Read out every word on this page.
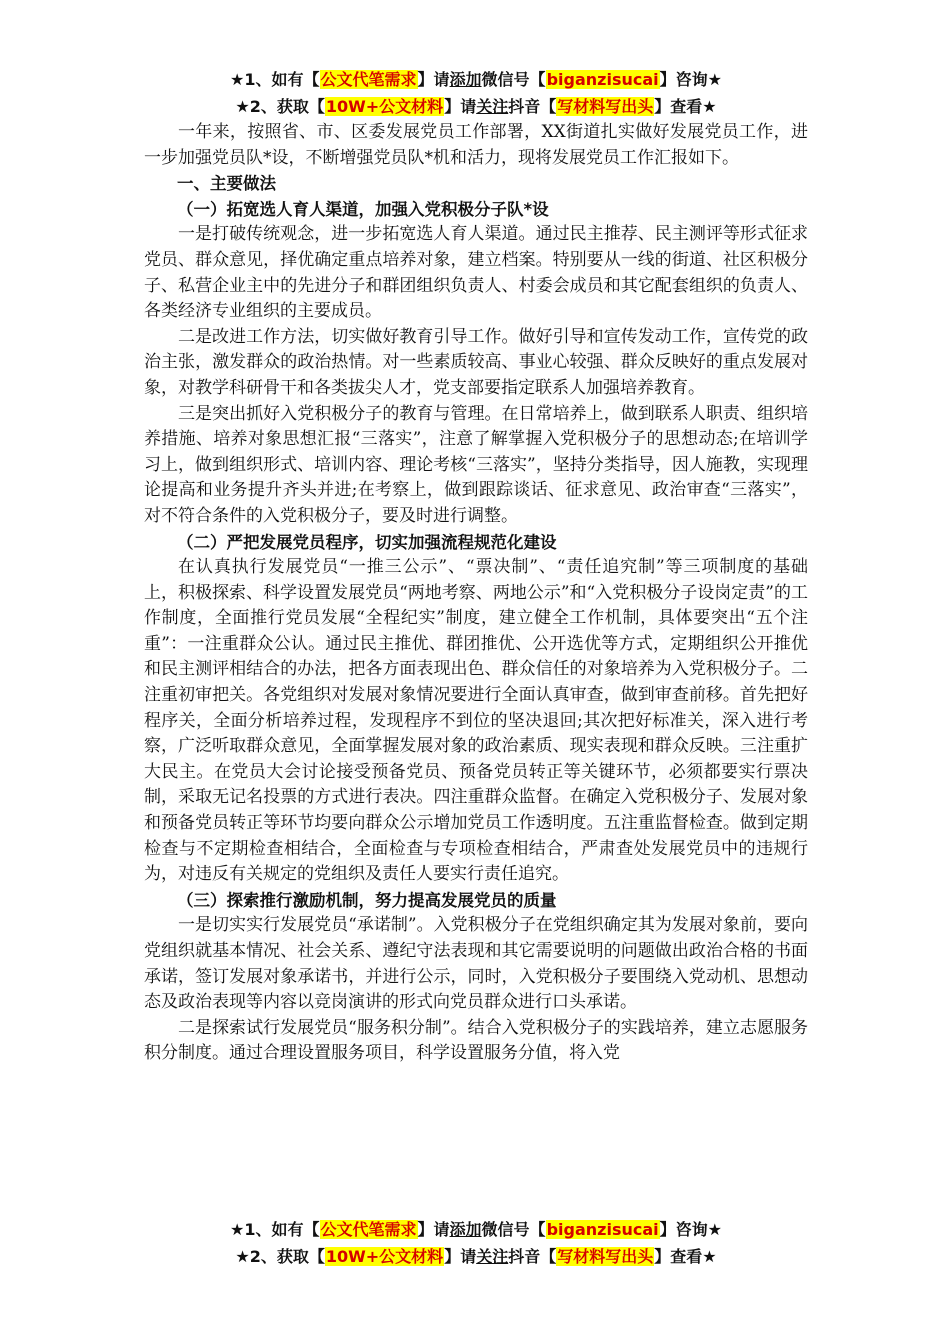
★1、如有【公文代笔需求】请添加微信号【biganzisucai】咨询★
★2、获取【10W+公文材料】请关注抖音【写材料写出头】查看★

一年来，按照省、市、区委发展党员工作部署，XX街道扎实做好发展党员工作，进一步加强党员队*设，不断增强党员队*机和活力，现将发展党员工作汇报如下。

一、主要做法

（一）拓宽选人育人渠道，加强入党积极分子队*设

一是打破传统观念，进一步拓宽选人育人渠道。通过民主推荐、民主测评等形式征求党员、群众意见，择优确定重点培养对象，建立档案。特别要从一线的街道、社区积极分子、私营企业主中的先进分子和群团组织负责人、村委会成员和其它配套组织的负责人、各类经济专业组织的主要成员。

二是改进工作方法，切实做好教育引导工作。做好引导和宣传发动工作，宣传党的政治主张，激发群众的政治热情。对一些素质较高、事业心较强、群众反映好的重点发展对象，对教学科研骨干和各类拔尖人才，党支部要指定联系人加强培养教育。

三是突出抓好入党积极分子的教育与管理。在日常培养上，做到联系人职责、组织培养措施、培养对象思想汇报“三落实”，注意了解掌握入党积极分子的思想动态;在培训学习上，做到组织形式、培训内容、理论考核“三落实”，坚持分类指导，因人施教，实现理论提高和业务提升齐头并进;在考察上，做到跟踪谈话、征求意见、政治审查“三落实”，对不符合条件的入党积极分子，要及时进行调整。

（二）严把发展党员程序，切实加强流程规范化建设

在认真执行发展党员“一推三公示”、“票决制”、“责任追究制”等三项制度的基础上，积极探索、科学设置发展党员“两地考察、两地公示”和“入党积极分子设岗定责”的工作制度，全面推行党员发展“全程纪实”制度，建立健全工作机制，具体要突出“五个注重”：一注重群众公认。通过民主推优、群团推优、公开选优等方式，定期组织公开推优和民主测评相结合的办法，把各方面表现出色、群众信任的对象培养为入党积极分子。二注重初审把关。各党组织对发展对象情况要进行全面认真审查，做到审查前移。首先把好程序关，全面分析培养过程，发现程序不到位的坚决退回;其次把好标准关，深入进行考察，广泛听取群众意见，全面掌握发展对象的政治素质、现实表现和群众反映。三注重扩大民主。在党员大会讨论接受预备党员、预备党员转正等关键环节，必须都要实行票决制，采取无记名投票的方式进行表决。四注重群众监督。在确定入党积极分子、发展对象和预备党员转正等环节均要向群众公示增加党员工作透明度。五注重监督检查。做到定期检查与不定期检查相结合，全面检查与专项检查相结合，严肃查处发展党员中的违规行为，对违反有关规定的党组织及责任人要实行责任追究。

（三）探索推行激励机制，努力提高发展党员的质量

一是切实实行发展党员“承诺制”。入党积极分子在党组织确定其为发展对象前，要向党组织就基本情况、社会关系、遵纪守法表现和其它需要说明的问题做出政治合格的书面承诺，签订发展对象承诺书，并进行公示，同时，入党积极分子要围绕入党动机、思想动态及政治表现等内容以竞岗演讲的形式向党员群众进行口头承诺。

二是探索试行发展党员“服务积分制”。结合入党积极分子的实践培养，建立志愿服务积分制度。通过合理设置服务项目，科学设置服务分值，将入党

★1、如有【公文代笔需求】请添加微信号【biganzisucai】咨询★
★2、获取【10W+公文材料】请关注抖音【写材料写出头】查看★
